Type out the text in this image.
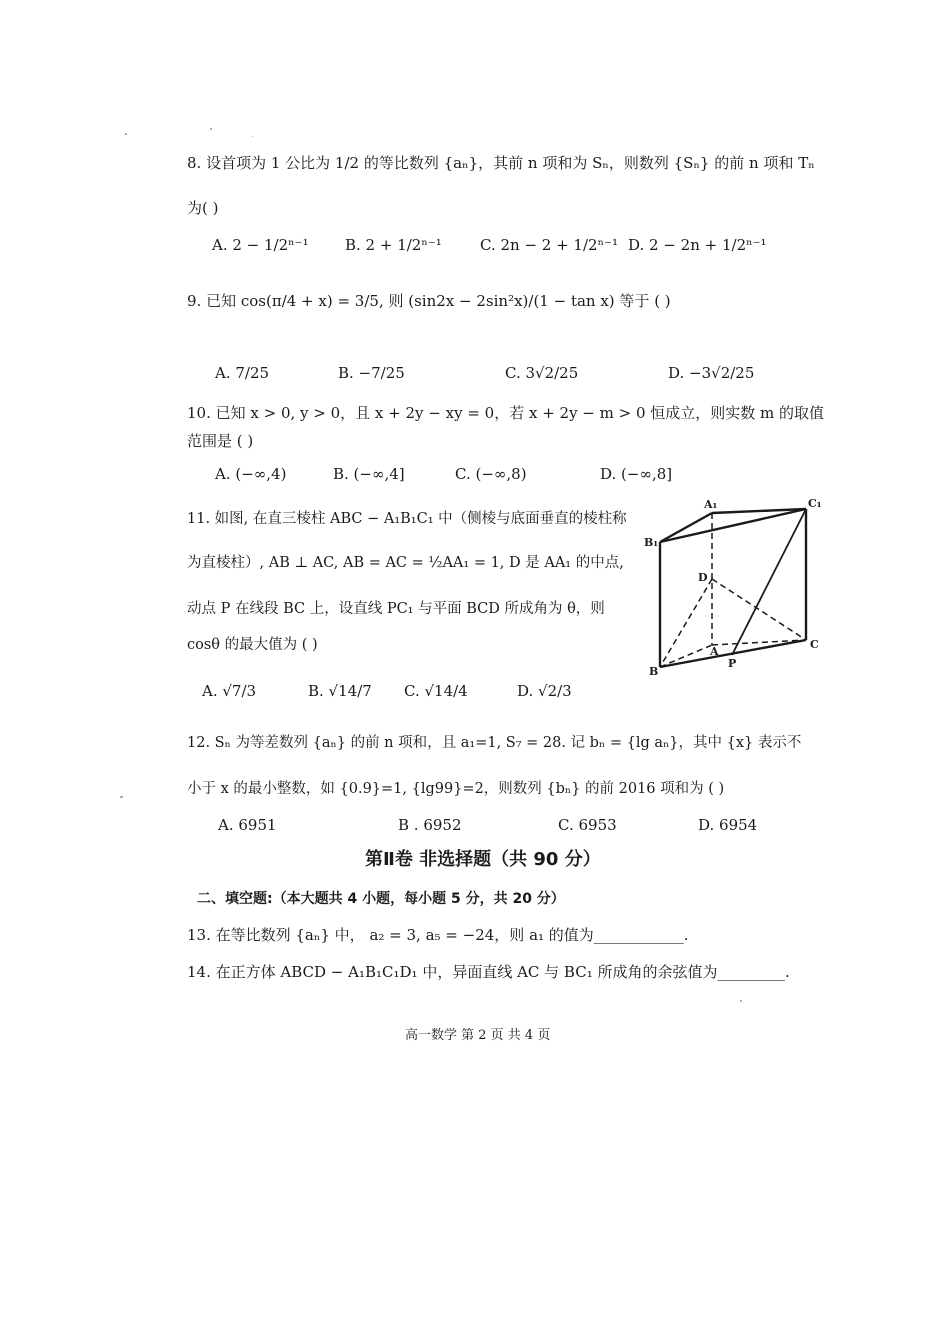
8. 设首项为 1 公比为 1/2 的等比数列 {aₙ}，其前 n 项和为 Sₙ，则数列 {Sₙ} 的前 n 项和 Tₙ
为( )
A. 2 − 1/2ⁿ⁻¹ B. 2 + 1/2ⁿ⁻¹	C. 2n − 2 + 1/2ⁿ⁻¹ D. 2 − 2n + 1/2ⁿ⁻¹
9. 已知 cos(π/4 + x) = 3/5, 则 (sin2x − 2sin²x)/(1 − tan x) 等于 ( )
A. 7/25	B. −7/25	C. 3√2/25	D. −3√2/25
10. 已知 x > 0, y > 0，且 x + 2y − xy = 0，若 x + 2y − m > 0 恒成立，则实数 m 的取值
范围是 ( )
A. (−∞,4)	B. (−∞,4]	C. (−∞,8)	D. (−∞,8]
11. 如图, 在直三棱柱 ABC − A₁B₁C₁ 中（侧棱与底面垂直的棱柱称
为直棱柱）, AB ⊥ AC, AB = AC = ½AA₁ = 1, D 是 AA₁ 的中点,
动点 P 在线段 BC 上，设直线 PC₁ 与平面 BCD 所成角为 θ，则
cosθ 的最大值为 ( )
A. √7/3	B. √14/7 C. √14/4	D. √2/3
A₁	C₁
B₁
D
A
B
C
P
12. Sₙ 为等差数列 {aₙ} 的前 n 项和，且 a₁=1, S₇ = 28. 记 bₙ = {lg aₙ}，其中 {x} 表示不
小于 x 的最小整数，如 {0.9}=1, {lg99}=2，则数列 {bₙ} 的前 2016 项和为 ( )
A. 6951	B . 6952	C. 6953	D. 6954
第Ⅱ卷 非选择题（共 90 分）
二、填空题:（本大题共 4 小题，每小题 5 分，共 20 分）
13. 在等比数列 {aₙ} 中， a₂ = 3, a₅ = −24，则 a₁ 的值为____________.
14. 在正方体 ABCD − A₁B₁C₁D₁ 中，异面直线 AC 与 BC₁ 所成角的余弦值为_________.
高一数学 第 2 页 共 4 页
